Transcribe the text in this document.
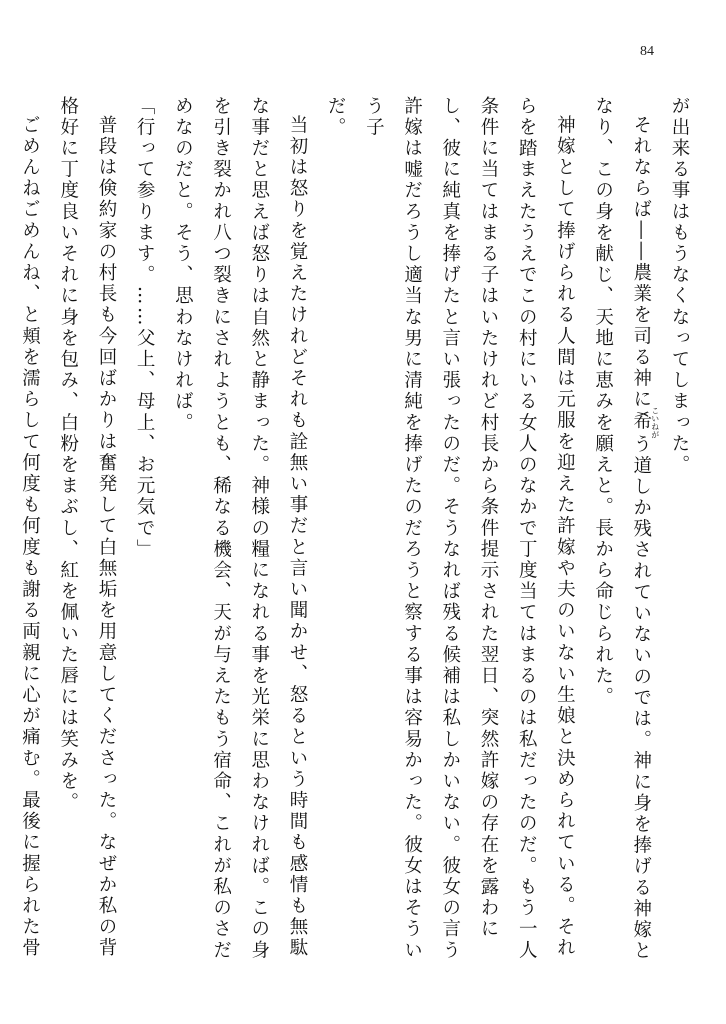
84

が出来る事はもうなくなってしまった。

それならば――農業を司る神に希 こいねがう道しか残されていないのでは。神に身を捧げる神嫁となり、この身を献じ、天地に恵みを願えと。長から命じられた。

神嫁として捧げられる人間は元服を迎えた許嫁や夫のいない生娘と決められている。それらを踏まえたうえでこの村にいる女人のなかで丁度当てはまるのは私だったのだ。もう一人条件に当てはまる子はいたけれど村長から条件提示された翌日、突然許嫁の存在を露わにし、彼に純真を捧げたと言い張ったのだ。そうなれば残る候補は私しかいない。彼女の言う許嫁は嘘だろうし適当な男に清純を捧げたのだろうと察する事は容易かった。彼女はそういう子

だ。

当初は怒りを覚えたけれどそれも詮無い事だと言い聞かせ、怒るという時間も感情も無駄な事だと思えば怒りは自然と静まった。神様の糧になれる事を光栄に思わなければ。この身を引き裂かれ八つ裂きにされようとも、稀なる機会、天が与えたもう宿命、これが私のさだめなのだと。そう、思わなければ。

「行って参ります。……父上、母上、お元気で」

普段は倹約家の村長も今回ばかりは奮発して白無垢を用意してくださった。なぜか私の背格好に丁度良いそれに身を包み、白粉をまぶし、紅を佩いた唇には笑みを。

ごめんねごめんね、と頬を濡らして何度も何度も謝る両親に心が痛む。最後に握られた骨
